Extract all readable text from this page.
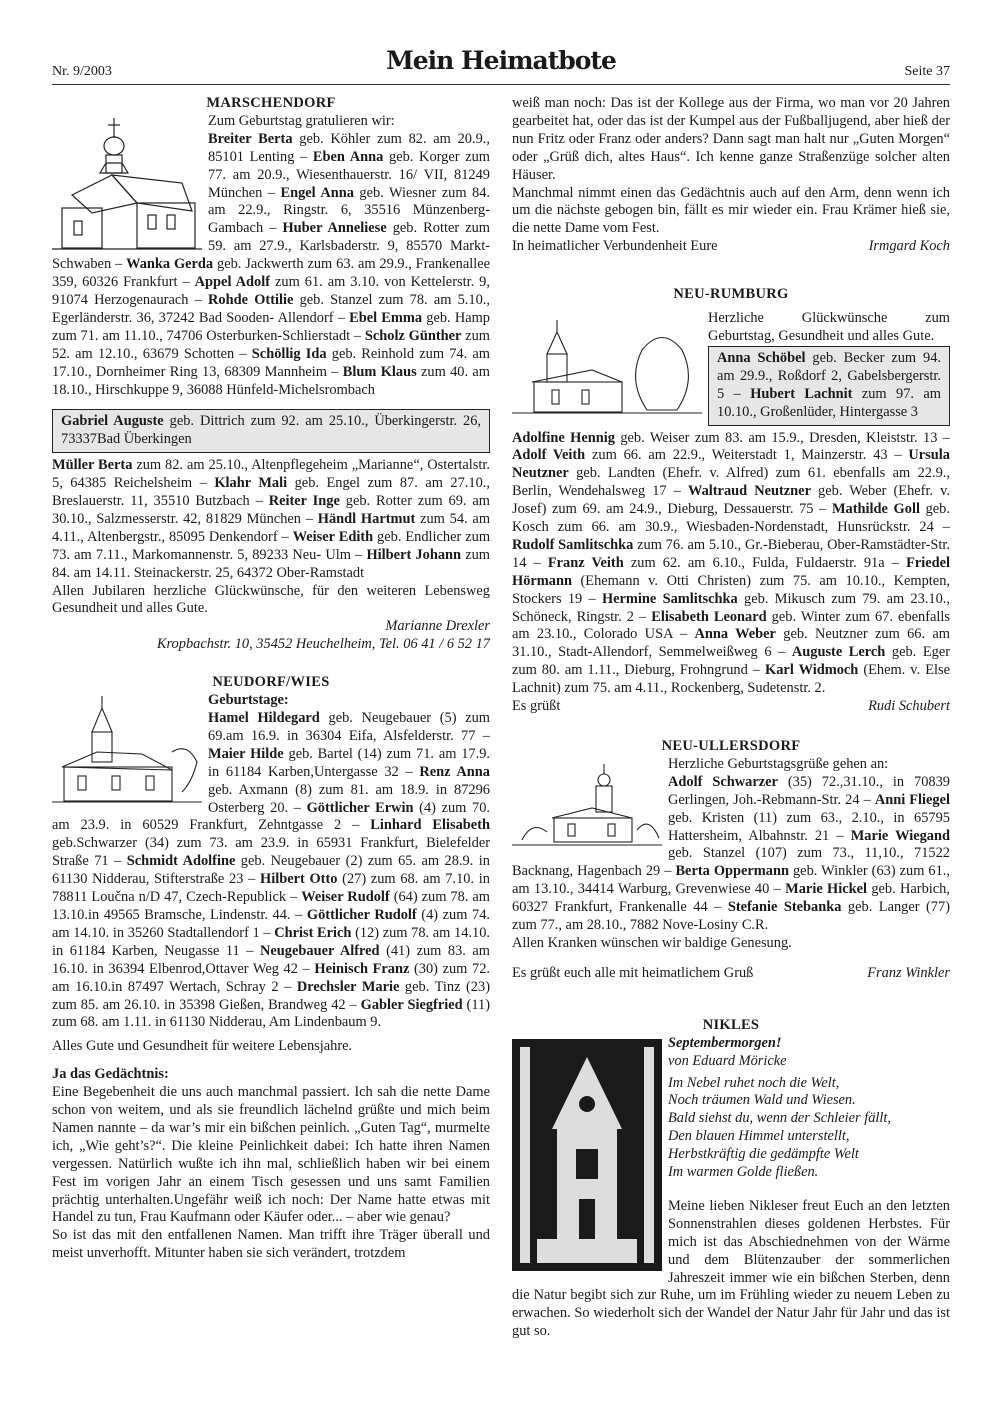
Nr. 9/2003	Mein Heimatbote	Seite 37
MARSCHENDORF

Zum Geburtstag gratulieren wir:

Breiter Berta geb. Köhler zum 82. am 20.9., 85101 Lenting – Eben Anna geb. Korger zum 77. am 20.9., Wiesenthauerstr. 16/ VII, 81249 München – Engel Anna geb. Wiesner zum 84. am 22.9., Ringstr. 6, 35516 Münzenberg-Gambach – Huber Anneliese geb. Rotter zum 59. am 27.9., Karlsbaderstr. 9, 85570 Markt- Schwaben – Wanka Gerda geb. Jackwerth zum 63. am 29.9., Frankenallee 359, 60326 Frankfurt – Appel Adolf zum 61. am 3.10. von Kettelerstr. 9, 91074 Herzogenaurach – Rohde Ottilie geb. Stanzel zum 78. am 5.10., Egerländerstr. 36, 37242 Bad Sooden- Allendorf – Ebel Emma geb. Hamp zum 71. am 11.10., 74706 Osterburken-Schlierstadt – Scholz Günther zum 52. am 12.10., 63679 Schotten – Schöllig Ida geb. Reinhold zum 74. am 17.10., Dornheimer Ring 13, 68309 Mannheim – Blum Klaus zum 40. am 18.10., Hirschkuppe 9, 36088 Hünfeld-Michelsrombach

Gabriel Auguste geb. Dittrich zum 92. am 25.10., Überkingerstr. 26, 73337Bad Überkingen

Müller Berta zum 82. am 25.10., Altenpflegeheim „Marianne“, Ostertalstr. 5, 64385 Reichelsheim – Klahr Mali geb. Engel zum 87. am 27.10., Breslauerstr. 11, 35510 Butzbach – Reiter Inge geb. Rotter zum 69. am 30.10., Salzmesserstr. 42, 81829 München – Händl Hartmut zum 54. am 4.11., Altenbergstr., 85095 Denkendorf – Weiser Edith geb. Endlicher zum 73. am 7.11., Markomannenstr. 5, 89233 Neu- Ulm – Hilbert Johann zum 84. am 14.11. Steinackerstr. 25, 64372 Ober-Ramstadt

Allen Jubilaren herzliche Glückwünsche, für den weiteren Lebensweg Gesundheit und alles Gute.

Marianne Drexler

Kropbachstr. 10, 35452 Heuchelheim, Tel. 06 41 / 6 52 17

NEUDORF/WIES

Geburtstage:

Hamel Hildegard geb. Neugebauer (5) zum 69.am 16.9. in 36304 Eifa, Alsfelderstr. 77 – Maier Hilde geb. Bartel (14) zum 71. am 17.9. in 61184 Karben,Untergasse 32 – Renz Anna geb. Axmann (8) zum 81. am 18.9. in 87296 Osterberg 20. – Göttlicher Erwin (4) zum 70. am 23.9. in 60529 Frankfurt, Zehntgasse 2 – Linhard Elisabeth geb.Schwarzer (34) zum 73. am 23.9. in 65931 Frankfurt, Bielefelder Straße 71 – Schmidt Adolfine geb. Neugebauer (2) zum 65. am 28.9. in 61130 Nidderau, Stifterstraße 23 – Hilbert Otto (27) zum 68. am 7.10. in 78811 Loučna n/D 47, Czech-Republick – Weiser Rudolf (64) zum 78. am 13.10.in 49565 Bramsche, Lindenstr. 44. – Göttlicher Rudolf (4) zum 74. am 14.10. in 35260 Stadtallendorf 1 – Christ Erich (12) zum 78. am 14.10. in 61184 Karben, Neugasse 11 – Neugebauer Alfred (41) zum 83. am 16.10. in 36394 Elbenrod,Ottaver Weg 42 – Heinisch Franz (30) zum 72. am 16.10.in 87497 Wertach, Schray 2 – Drechsler Marie geb. Tinz (23) zum 85. am 26.10. in 35398 Gießen, Brandweg 42 – Gabler Siegfried (11) zum 68. am 1.11. in 61130 Nidderau, Am Lindenbaum 9.

Alles Gute und Gesundheit für weitere Lebensjahre.

Ja das Gedächtnis:

Eine Begebenheit die uns auch manchmal passiert. Ich sah die nette Dame schon von weitem, und als sie freundlich lächelnd grüßte und mich beim Namen nannte – da war’s mir ein bißchen peinlich. „Guten Tag“, murmelte ich, „Wie geht’s?“. Die kleine Peinlichkeit dabei: Ich hatte ihren Namen vergessen. Natürlich wußte ich ihn mal, schließlich haben wir bei einem Fest im vorigen Jahr an einem Tisch gesessen und uns samt Familien prächtig unterhalten.Ungefähr weiß ich noch: Der Name hatte etwas mit Handel zu tun, Frau Kaufmann oder Käufer oder... – aber wie genau?

So ist das mit den entfallenen Namen. Man trifft ihre Träger überall und meist unverhofft. Mitunter haben sie sich verändert, trotzdem

weiß man noch: Das ist der Kollege aus der Firma, wo man vor 20 Jahren gearbeitet hat, oder das ist der Kumpel aus der Fußballjugend, aber hieß der nun Fritz oder Franz oder anders? Dann sagt man halt nur „Guten Morgen“ oder „Grüß dich, altes Haus“. Ich kenne ganze Straßenzüge solcher alten Häuser.

Manchmal nimmt einen das Gedächtnis auch auf den Arm, denn wenn ich um die nächste gebogen bin, fällt es mir wieder ein. Frau Krämer hieß sie, die nette Dame vom Fest.

In heimatlicher Verbundenheit Eure	Irmgard Koch

NEU-RUMBURG

Herzliche Glückwünsche zum Geburtstag, Gesundheit und alles Gute.

Anna Schöbel geb. Becker zum 94. am 29.9., Roßdorf 2, Gabelsbergerstr. 5 – Hubert Lachnit zum 97. am 10.10., Großenlüder, Hintergasse 3

Adolfine Hennig geb. Weiser zum 83. am 15.9., Dresden, Kleiststr. 13 – Adolf Veith zum 66. am 22.9., Weiterstadt 1, Mainzerstr. 43 – Ursula Neutzner geb. Landten (Ehefr. v. Alfred) zum 61. ebenfalls am 22.9., Berlin, Wendehalsweg 17 – Waltraud Neutzner geb. Weber (Ehefr. v. Josef) zum 69. am 24.9., Dieburg, Dessauerstr. 75 – Mathilde Goll geb. Kosch zum 66. am 30.9., Wiesbaden-Nordenstadt, Hunsrückstr. 24 – Rudolf Samlitschka zum 76. am 5.10., Gr.-Bieberau, Ober-Ramstädter-Str. 14 – Franz Veith zum 62. am 6.10., Fulda, Fuldaerstr. 91a – Friedel Hörmann (Ehemann v. Otti Christen) zum 75. am 10.10., Kempten, Stockers 19 – Hermine Samlitschka geb. Mikusch zum 79. am 23.10., Schöneck, Ringstr. 2 – Elisabeth Leonard geb. Winter zum 67. ebenfalls am 23.10., Colorado USA – Anna Weber geb. Neutzner zum 66. am 31.10., Stadt-Allendorf, Semmelweißweg 6 – Auguste Lerch geb. Eger zum 80. am 1.11., Dieburg, Frohngrund – Karl Widmoch (Ehem. v. Else Lachnit) zum 75. am 4.11., Rockenberg, Sudetenstr. 2.

Es grüßt	Rudi Schubert

NEU-ULLERSDORF

Herzliche Geburtstagsgrüße gehen an:

Adolf Schwarzer (35) 72.,31.10., in 70839 Gerlingen, Joh.-Rebmann-Str. 24 – Anni Fliegel geb. Kristen (11) zum 63., 2.10., in 65795 Hattersheim, Albahnstr. 21 – Marie Wiegand geb. Stanzel (107) zum 73., 11,10., 71522 Backnang, Hagenbach 29 – Berta Oppermann geb. Winkler (63) zum 61., am 13.10., 34414 Warburg, Grevenwiese 40 – Marie Hickel geb. Harbich, 60327 Frankfurt, Frankenalle 44 – Stefanie Stebanka geb. Langer (77) zum 77., am 28.10., 7882 Nove-Losiny C.R.

Allen Kranken wünschen wir baldige Genesung.

Es grüßt euch alle mit heimatlichem Gruß	Franz Winkler

NIKLES

Septembermorgen!

von Eduard Möricke

Im Nebel ruhet noch die Welt,

Noch träumen Wald und Wiesen.

Bald siehst du, wenn der Schleier fällt,

Den blauen Himmel unterstellt,

Herbstkräftig die gedämpfte Welt

Im warmen Golde fließen.

Meine lieben Nikleser freut Euch an den letzten Sonnenstrahlen dieses goldenen Herbstes. Für mich ist das Abschiednehmen von der Wärme und dem Blütenzauber der sommerlichen Jahreszeit immer wie ein bißchen Sterben, denn die Natur begibt sich zur Ruhe, um im Frühling wieder zu neuem Leben zu erwachen. So wiederholt sich der Wandel der Natur Jahr für Jahr und das ist gut so.
